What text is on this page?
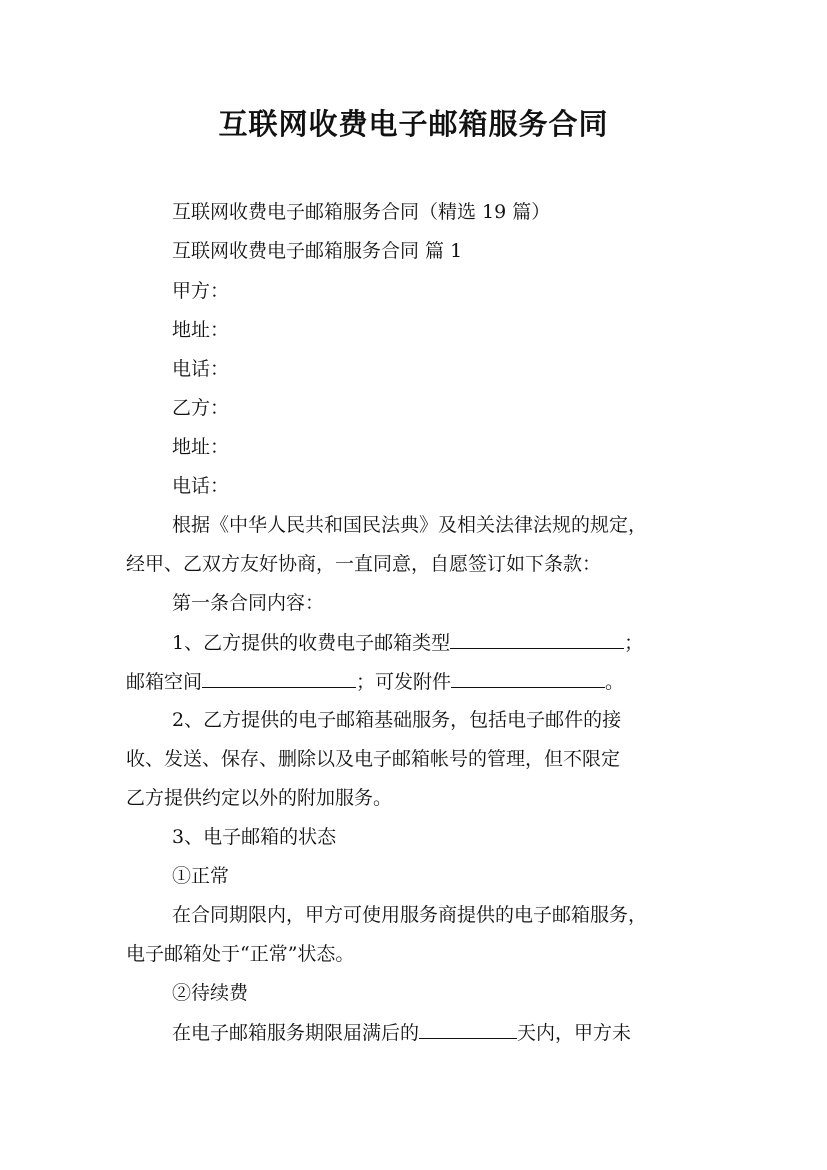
互联网收费电子邮箱服务合同
互联网收费电子邮箱服务合同（精选 19 篇）
互联网收费电子邮箱服务合同 篇 1
甲方：
地址：
电话：
乙方：
地址：
电话：
根据《中华人民共和国民法典》及相关法律法规的规定，
经甲、乙双方友好协商，一直同意，自愿签订如下条款：
第一条合同内容：
1、乙方提供的收费电子邮箱类型	；
邮箱空间	；可发附件	。
2、乙方提供的电子邮箱基础服务，包括电子邮件的接
收、发送、保存、删除以及电子邮箱帐号的管理，但不限定
乙方提供约定以外的附加服务。
3、电子邮箱的状态
①正常
在合同期限内，甲方可使用服务商提供的电子邮箱服务，
电子邮箱处于“正常”状态。
②待续费
在电子邮箱服务期限届满后的	天内，甲方未
